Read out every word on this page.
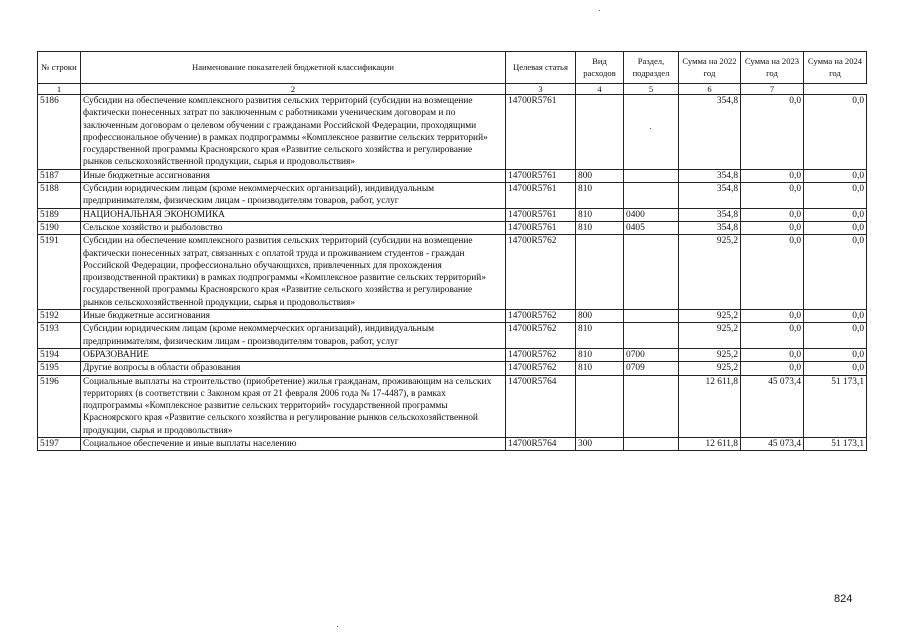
№ строки	Наименование показателей бюджетной классификации	Целевая статья	Вид расходов	Раздел, подраздел	Сумма на 2022 год	Сумма на 2023 год	Сумма на 2024 год
1	2	3	4	5	6	7	
5186	Субсидии на обеспечение комплексного развития сельских территорий (субсидии на возмещение фактически понесенных затрат по заключенным с работниками ученическим договорам и по заключенным договорам о целевом обучении с гражданами Российской Федерации, проходящими профессиональное обучение) в рамках подпрограммы «Комплексное развитие сельских территорий» государственной программы Красноярского края «Развитие сельского хозяйства и регулирование рынков сельскохозяйственной продукции, сырья и продовольствия»	14700R5761			354,8	0,0	0,0
5187	Иные бюджетные ассигнования	14700R5761	800		354,8	0,0	0,0
5188	Субсидии юридическим лицам (кроме некоммерческих организаций), индивидуальным предпринимателям, физическим лицам - производителям товаров, работ, услуг	14700R5761	810		354,8	0,0	0,0
5189	НАЦИОНАЛЬНАЯ ЭКОНОМИКА	14700R5761	810	0400	354,8	0,0	0,0
5190	Сельское хозяйство и рыболовство	14700R5761	810	0405	354,8	0,0	0,0
5191	Субсидии на обеспечение комплексного развития сельских территорий (субсидии на возмещение фактически понесенных затрат, связанных с оплатой труда и проживанием студентов - граждан Российской Федерации, профессионально обучающихся, привлеченных для прохождения производственной практики) в рамках подпрограммы «Комплексное развитие сельских территорий» государственной программы Красноярского края «Развитие сельского хозяйства и регулирование рынков сельскохозяйственной продукции, сырья и продовольствия»	14700R5762			925,2	0,0	0,0
5192	Иные бюджетные ассигнования	14700R5762	800		925,2	0,0	0,0
5193	Субсидии юридическим лицам (кроме некоммерческих организаций), индивидуальным предпринимателям, физическим лицам - производителям товаров, работ, услуг	14700R5762	810		925,2	0,0	0,0
5194	ОБРАЗОВАНИЕ	14700R5762	810	0700	925,2	0,0	0,0
5195	Другие вопросы в области образования	14700R5762	810	0709	925,2	0,0	0,0
5196	Социальные выплаты на строительство (приобретение) жилья гражданам, проживающим на сельских территориях (в соответствии с Законом края от 21 февраля 2006 года № 17-4487), в рамках подпрограммы «Комплексное развитие сельских территорий» государственной программы Красноярского края «Развитие сельского хозяйства и регулирование рынков сельскохозяйственной продукции, сырья и продовольствия»	14700R5764			12 611,8	45 073,4	51 173,1
5197	Социальное обеспечение и иные выплаты населению	14700R5764	300		12 611,8	45 073,4	51 173,1
824
